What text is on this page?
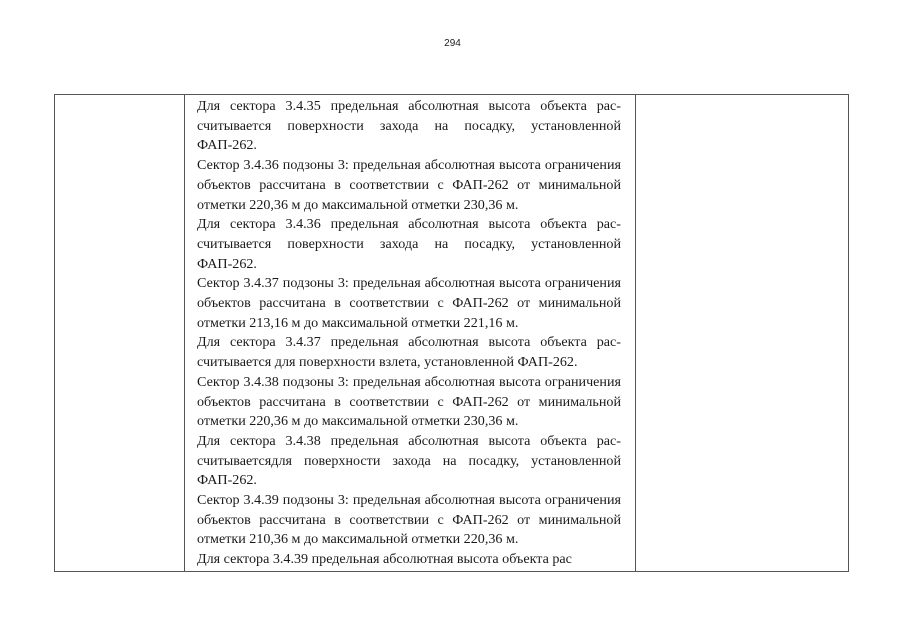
294

Для сектора 3.4.35 предельная абсолютная высота объекта рассчитывается поверхности захода на посадку, установленной ФАП-262.

Сектор 3.4.36 подзоны 3: предельная абсолютная высота ограничения объектов рассчитана в соответствии с ФАП-262 от минимальной отметки 220,36 м до максимальной отметки 230,36 м.

Для сектора 3.4.36 предельная абсолютная высота объекта рассчитывается поверхности захода на посадку, установленной ФАП-262.

Сектор 3.4.37 подзоны 3: предельная абсолютная высота ограничения объектов рассчитана в соответствии с ФАП-262 от минимальной отметки 213,16 м до максимальной отметки 221,16 м.

Для сектора 3.4.37 предельная абсолютная высота объекта рассчитывается для поверхности взлета, установленной ФАП-262.

Сектор 3.4.38 подзоны 3: предельная абсолютная высота ограничения объектов рассчитана в соответствии с ФАП-262 от минимальной отметки 220,36 м до максимальной отметки 230,36 м.

Для сектора 3.4.38 предельная абсолютная высота объекта рассчитываетсядля поверхности захода на посадку, установленной ФАП-262.

Сектор 3.4.39 подзоны 3: предельная абсолютная высота ограничения объектов рассчитана в соответствии с ФАП-262 от минимальной отметки 210,36 м до максимальной отметки 220,36 м.

Для сектора 3.4.39 предельная абсолютная высота объекта рас
